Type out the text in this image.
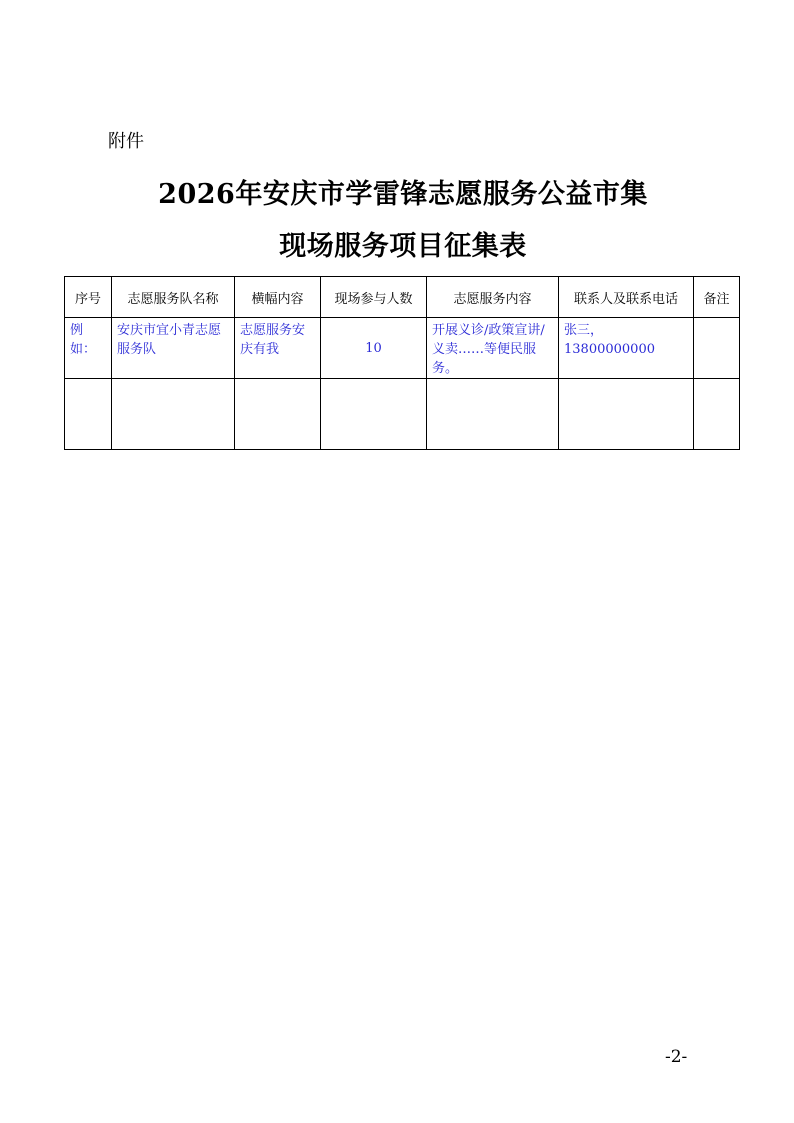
附件
2026年安庆市学雷锋志愿服务公益市集
现场服务项目征集表
序号	志愿服务队名称	横幅内容	现场参与人数	志愿服务内容	联系人及联系电话	备注
例如：	安庆市宜小青志愿服务队	志愿服务安庆有我	10	开展义诊/政策宣讲/义卖……等便民服务。	张三，13800000000	

-2-
